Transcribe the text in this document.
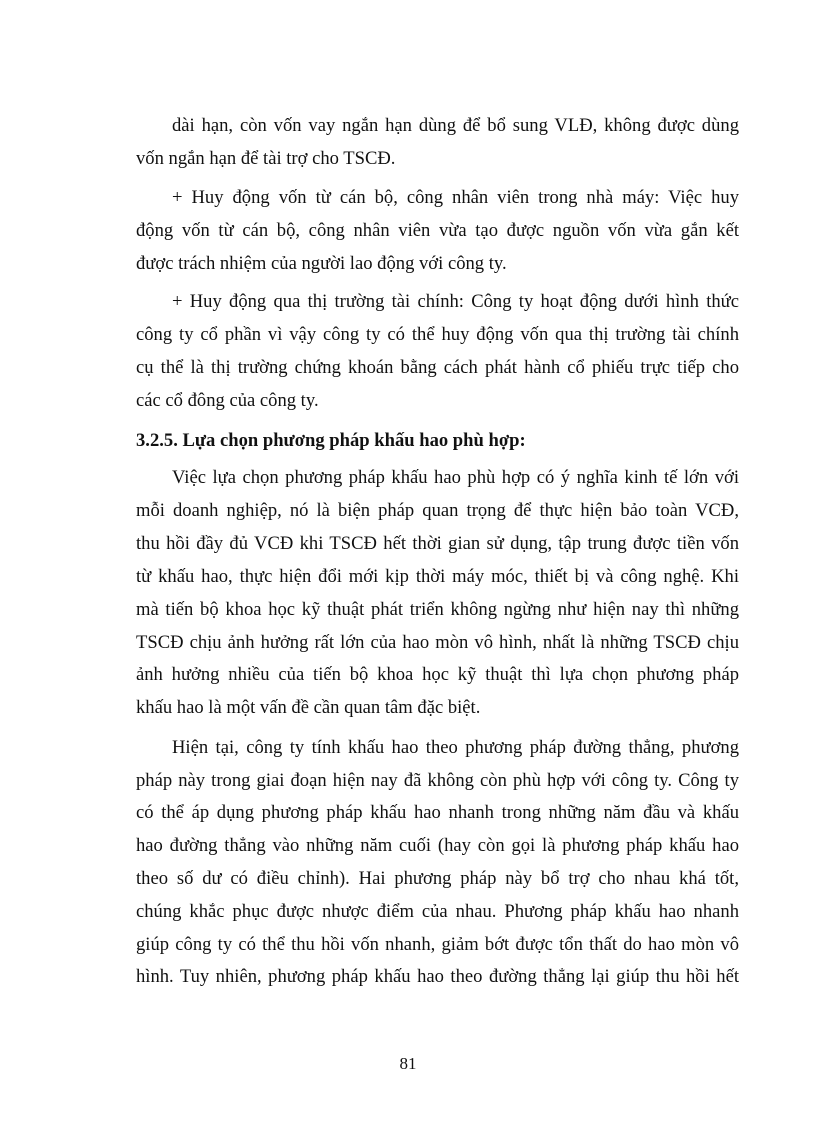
dài hạn, còn vốn vay ngắn hạn dùng để bổ sung VLĐ, không được dùng
vốn ngắn hạn để tài trợ cho TSCĐ.
+ Huy động vốn từ cán bộ, công nhân viên trong nhà máy: Việc huy
động vốn từ cán bộ, công nhân viên vừa tạo được nguồn vốn vừa gắn kết
được trách nhiệm của người lao động với công ty.
+ Huy động qua thị trường tài chính: Công ty hoạt động dưới hình thức
công ty cổ phần vì vậy công ty có thể huy động vốn qua thị trường tài chính
cụ thể là thị trường chứng khoán bằng cách phát hành cổ phiếu trực tiếp cho
các cổ đông của công ty.
3.2.5. Lựa chọn phương pháp khấu hao phù hợp:
Việc lựa chọn phương pháp khấu hao phù hợp có ý nghĩa kinh tế lớn với
mỗi doanh nghiệp, nó là biện pháp quan trọng để thực hiện bảo toàn VCĐ,
thu hồi đầy đủ VCĐ khi TSCĐ hết thời gian sử dụng, tập trung được tiền vốn
từ khấu hao, thực hiện đổi mới kịp thời máy móc, thiết bị và công nghệ. Khi
mà tiến bộ khoa học kỹ thuật phát triển không ngừng như hiện nay thì những
TSCĐ chịu ảnh hưởng rất lớn của hao mòn vô hình, nhất là những TSCĐ chịu
ảnh hưởng nhiều của tiến bộ khoa học kỹ thuật thì lựa chọn phương pháp
khấu hao là một vấn đề cần quan tâm đặc biệt.
Hiện tại, công ty tính khấu hao theo phương pháp đường thẳng, phương
pháp này trong giai đoạn hiện nay đã không còn phù hợp với công ty. Công ty
có thể áp dụng phương pháp khấu hao nhanh trong những năm đầu và khấu
hao đường thẳng vào những năm cuối (hay còn gọi là phương pháp khấu hao
theo số dư có điều chỉnh). Hai phương pháp này bổ trợ cho nhau khá tốt,
chúng khắc phục được nhược điểm của nhau. Phương pháp khấu hao nhanh
giúp công ty có thể thu hồi vốn nhanh, giảm bớt được tổn thất do hao mòn vô
hình. Tuy nhiên, phương pháp khấu hao theo đường thẳng lại giúp thu hồi hết
81
